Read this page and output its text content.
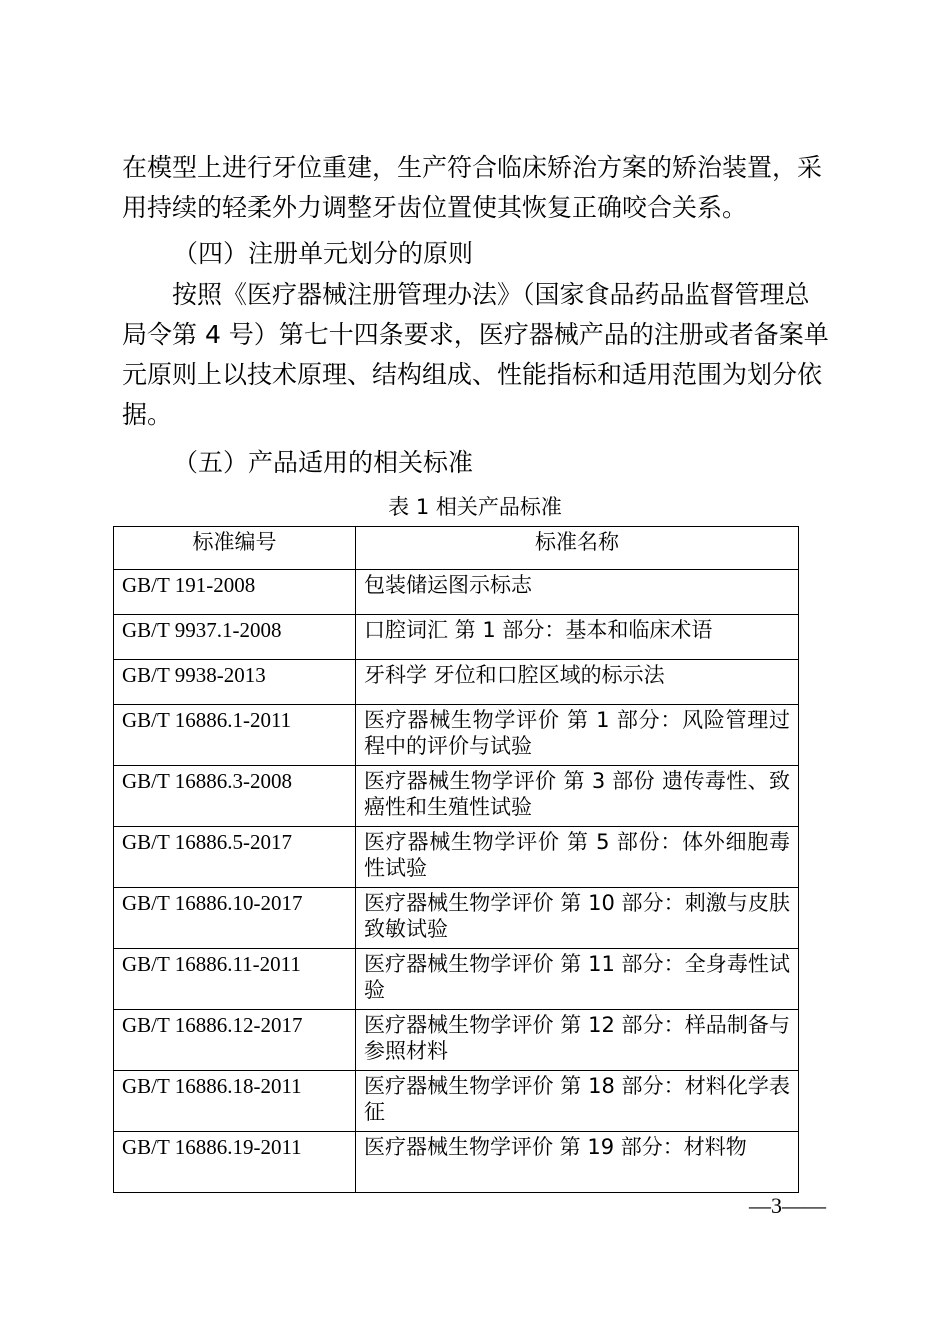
在模型上进行牙位重建，生产符合临床矫治方案的矫治装置，采用持续的轻柔外力调整牙齿位置使其恢复正确咬合关系。

（四）注册单元划分的原则

按照《医疗器械注册管理办法》（国家食品药品监督管理总局令第 4 号）第七十四条要求，医疗器械产品的注册或者备案单元原则上以技术原理、结构组成、性能指标和适用范围为划分依据。

（五）产品适用的相关标准

表 1 相关产品标准

标准编号	标准名称
GB/T 191-2008	包装储运图示标志
GB/T 9937.1-2008	口腔词汇 第 1 部分：基本和临床术语
GB/T 9938-2013	牙科学 牙位和口腔区域的标示法
GB/T 16886.1-2011	医疗器械生物学评价 第 1 部分：风险管理过程中的评价与试验
GB/T 16886.3-2008	医疗器械生物学评价 第 3 部份 遗传毒性、致癌性和生殖性试验
GB/T 16886.5-2017	医疗器械生物学评价 第 5 部份：体外细胞毒性试验
GB/T 16886.10-2017	医疗器械生物学评价 第 10 部分：刺激与皮肤致敏试验
GB/T 16886.11-2011	医疗器械生物学评价 第 11 部分：全身毒性试验
GB/T 16886.12-2017	医疗器械生物学评价 第 12 部分：样品制备与参照材料
GB/T 16886.18-2011	医疗器械生物学评价 第 18 部分：材料化学表征
GB/T 16886.19-2011	医疗器械生物学评价 第 19 部分：材料物
—3——
